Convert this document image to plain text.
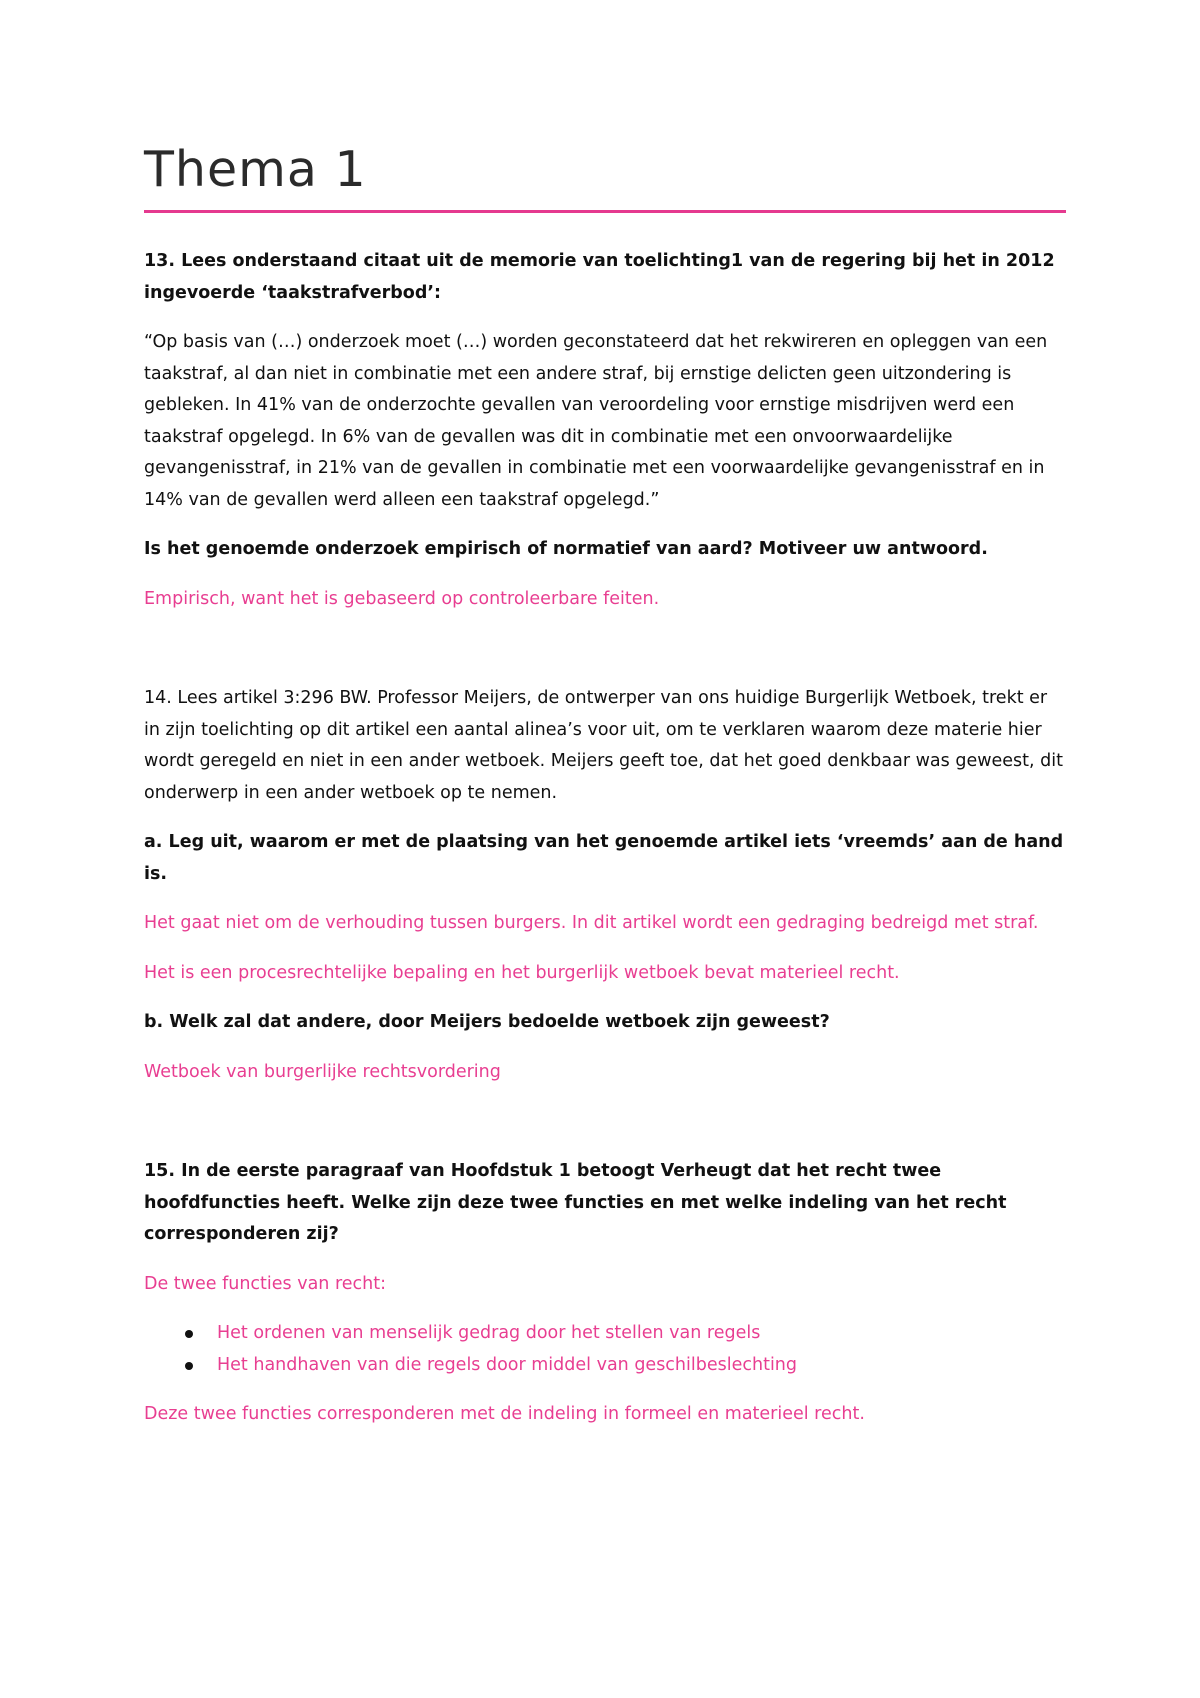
Thema 1

13. Lees onderstaand citaat uit de memorie van toelichting1 van de regering bij het in 2012 ingevoerde ‘taakstrafverbod’:

“Op basis van (…) onderzoek moet (…) worden geconstateerd dat het rekwireren en opleggen van een taakstraf, al dan niet in combinatie met een andere straf, bij ernstige delicten geen uitzondering is gebleken. In 41% van de onderzochte gevallen van veroordeling voor ernstige misdrijven werd een taakstraf opgelegd. In 6% van de gevallen was dit in combinatie met een onvoorwaardelijke gevangenisstraf, in 21% van de gevallen in combinatie met een voorwaardelijke gevangenisstraf en in 14% van de gevallen werd alleen een taakstraf opgelegd.”

Is het genoemde onderzoek empirisch of normatief van aard? Motiveer uw antwoord.

Empirisch, want het is gebaseerd op controleerbare feiten.

14. Lees artikel 3:296 BW. Professor Meijers, de ontwerper van ons huidige Burgerlijk Wetboek, trekt er in zijn toelichting op dit artikel een aantal alinea’s voor uit, om te verklaren waarom deze materie hier wordt geregeld en niet in een ander wetboek. Meijers geeft toe, dat het goed denkbaar was geweest, dit onderwerp in een ander wetboek op te nemen.

a. Leg uit, waarom er met de plaatsing van het genoemde artikel iets ‘vreemds’ aan de hand is.

Het gaat niet om de verhouding tussen burgers. In dit artikel wordt een gedraging bedreigd met straf.

Het is een procesrechtelijke bepaling en het burgerlijk wetboek bevat materieel recht.

b. Welk zal dat andere, door Meijers bedoelde wetboek zijn geweest?

Wetboek van burgerlijke rechtsvordering

15. In de eerste paragraaf van Hoofdstuk 1 betoogt Verheugt dat het recht twee hoofdfuncties heeft. Welke zijn deze twee functies en met welke indeling van het recht corresponderen zij?

De twee functies van recht:

Het ordenen van menselijk gedrag door het stellen van regels
Het handhaven van die regels door middel van geschilbeslechting

Deze twee functies corresponderen met de indeling in formeel en materieel recht.
